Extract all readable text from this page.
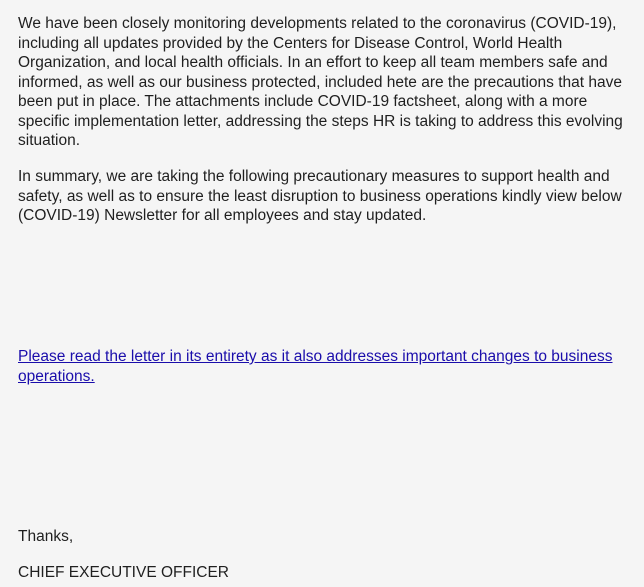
We have been closely monitoring developments related to the coronavirus (COVID-19), including all updates provided by the Centers for Disease Control, World Health Organization, and local health officials. In an effort to keep all team members safe and informed, as well as our business protected, included hete are the precautions that have been put in place. The attachments include COVID-19 factsheet, along with a more specific implementation letter, addressing the steps HR is taking to address this evolving situation.

In summary, we are taking the following precautionary measures to support health and safety, as well as to ensure the least disruption to business operations kindly view below (COVID-19) Newsletter for all employees and stay updated.

Please read the letter in its entirety as it also addresses important changes to business operations.
Thanks,
CHIEF EXECUTIVE OFFICER
